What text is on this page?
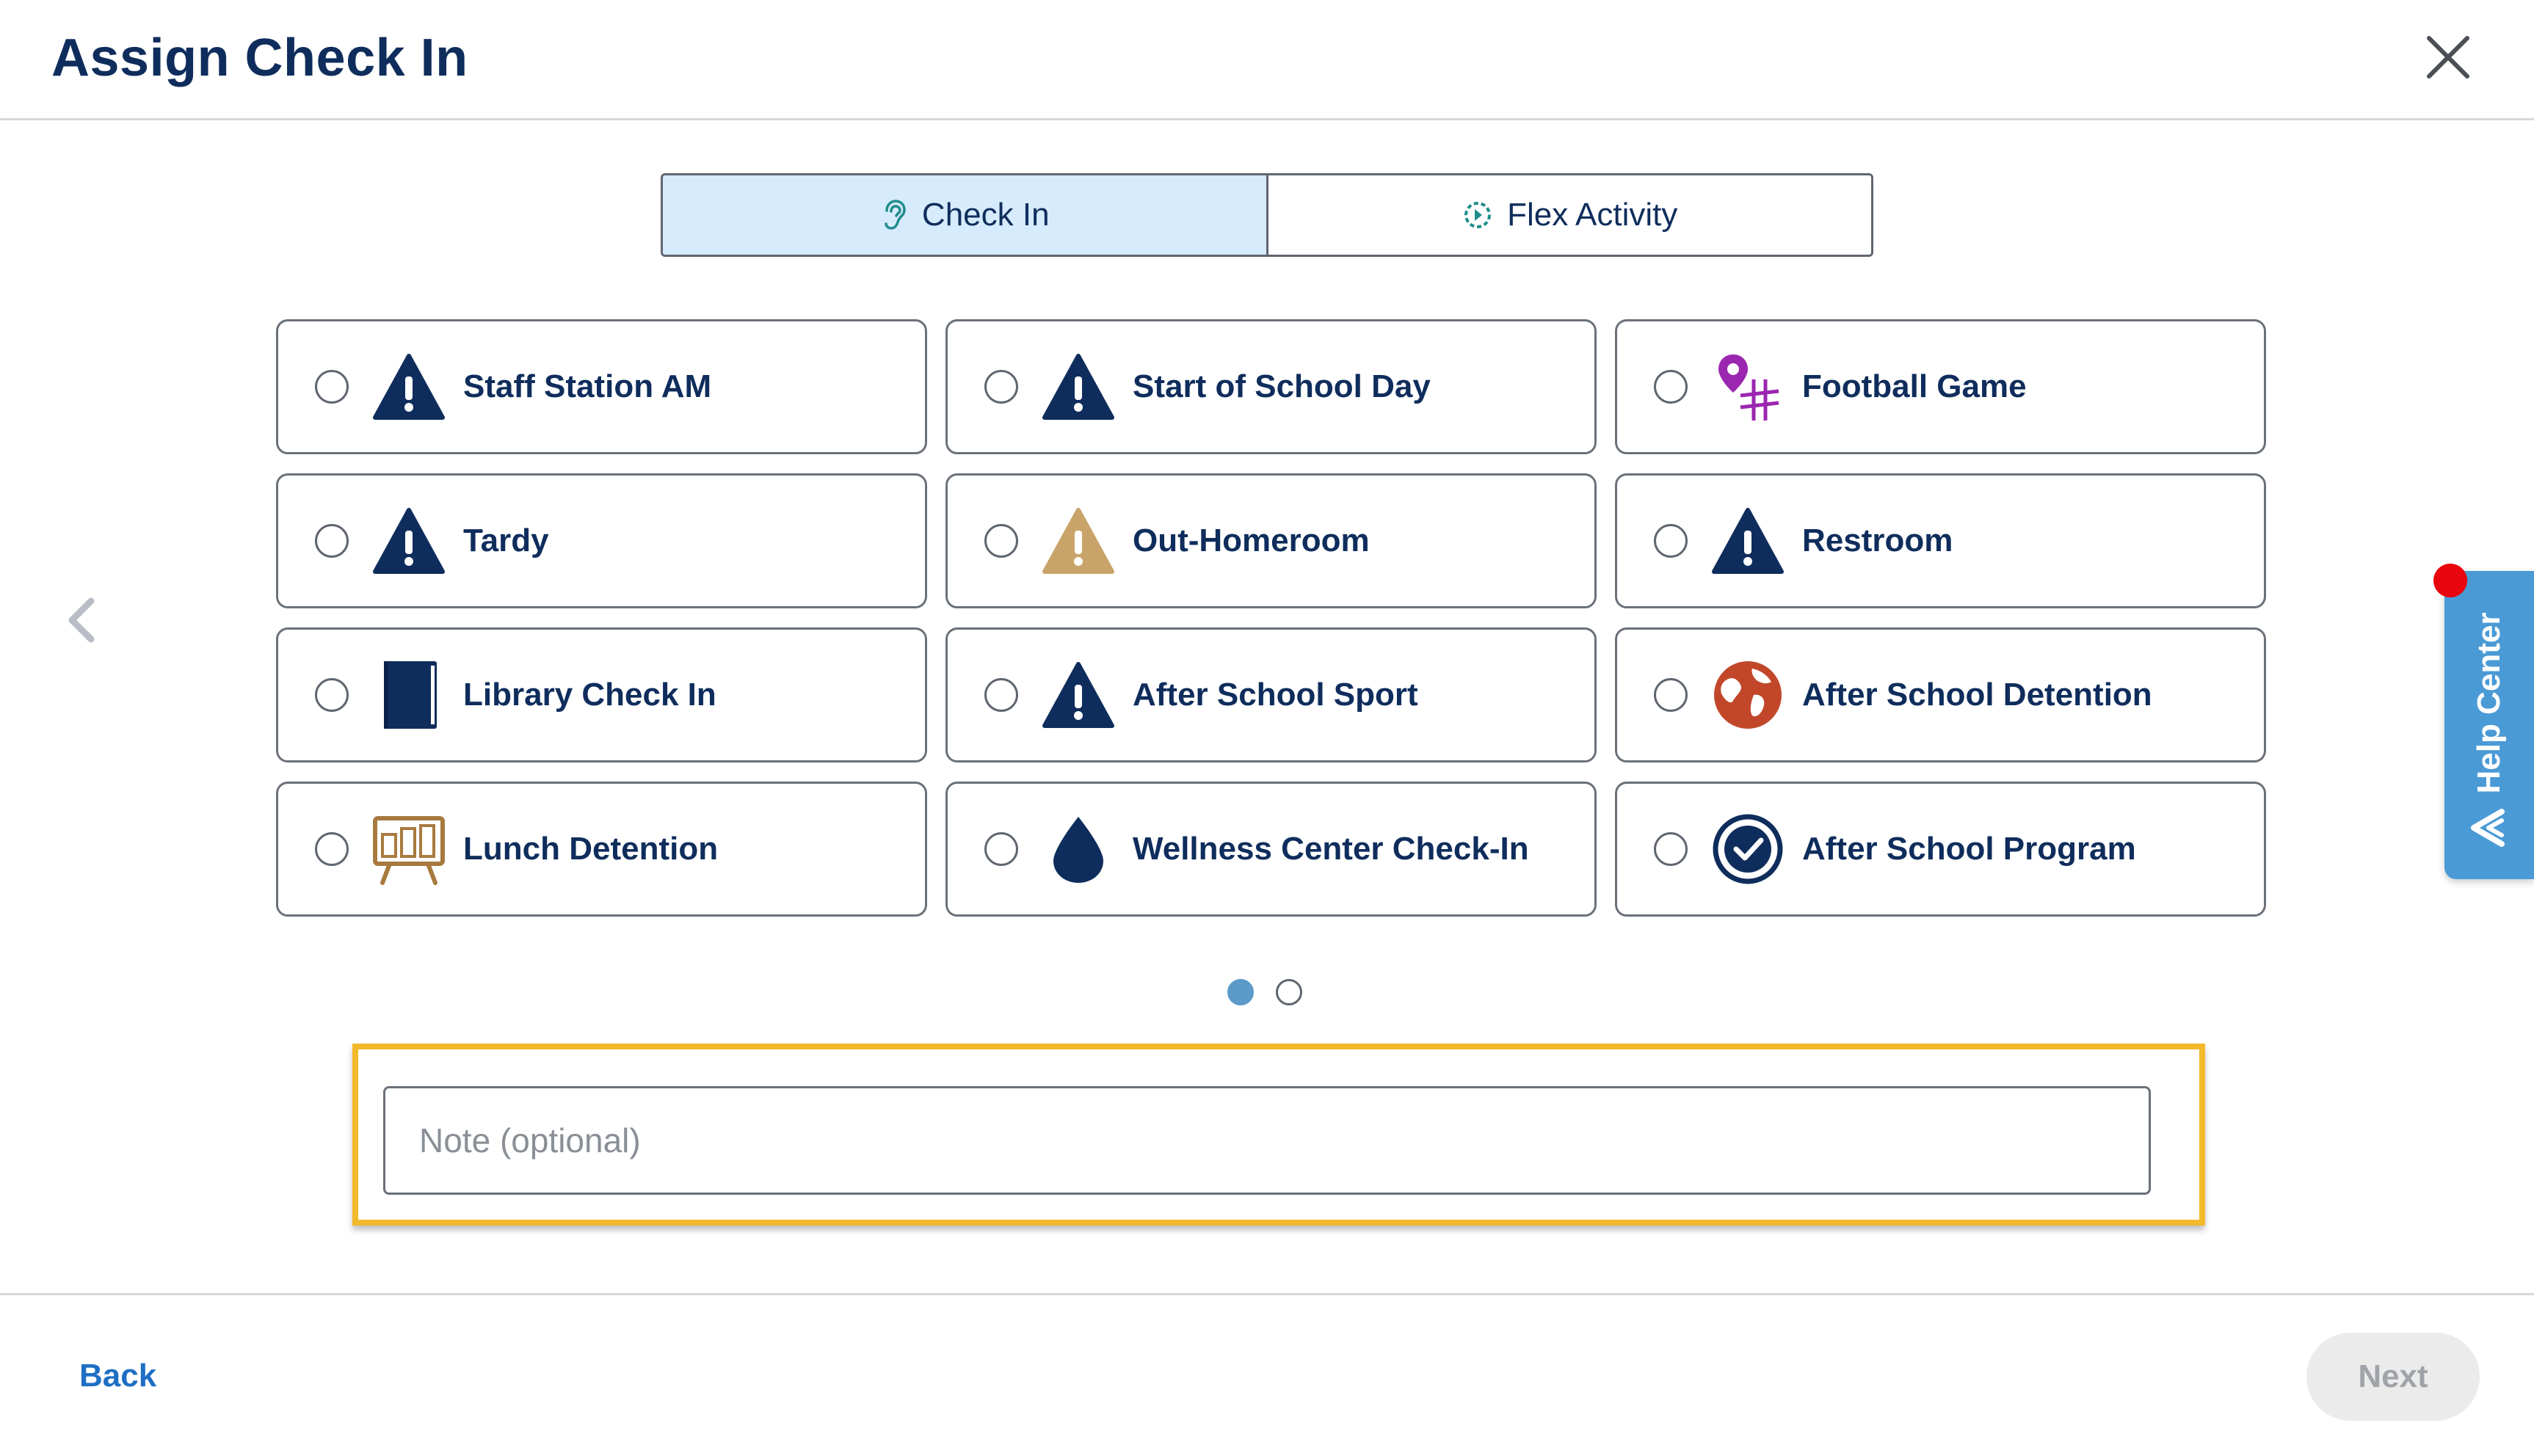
Assign Check In
Check In	Flex Activity
Staff Station AM	Start of School Day	Football Game
Tardy	Out-Homeroom	Restroom
Library Check In	After School Sport	After School Detention
Lunch Detention	Wellness Center Check-In	After School Program
Note (optional)
Help Center
Back	Next
